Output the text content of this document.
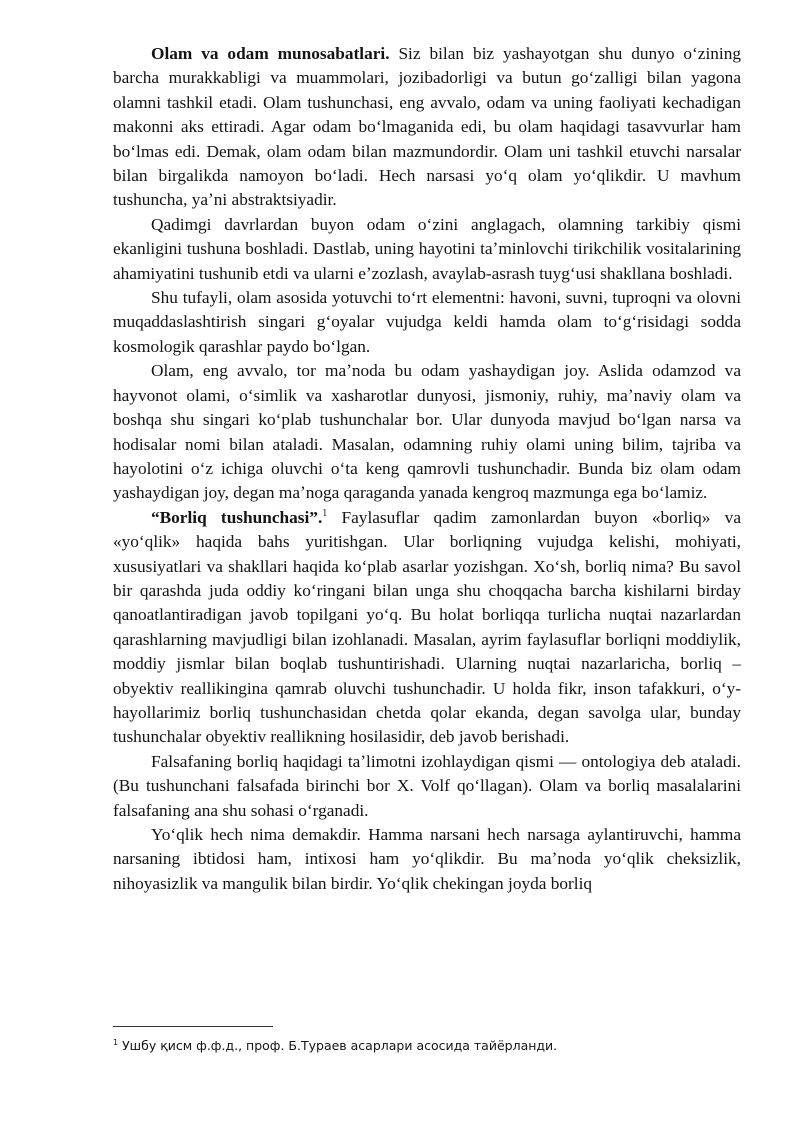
Olam va odam munosabatlari. Siz bilan biz yashayotgan shu dunyo oʻzining barcha murakkabligi va muammolari, jozibadorligi va butun goʻzalligi bilan yagona olamni tashkil etadi. Olam tushunchasi, eng avvalo, odam va uning faoliyati kechadigan makonni aks ettiradi. Agar odam boʻlmaganida edi, bu olam haqidagi tasavvurlar ham boʻlmas edi. Demak, olam odam bilan mazmundordir. Olam uni tashkil etuvchi narsalar bilan birgalikda namoyon boʻladi. Hech narsasi yoʻq olam yoʻqlikdir. U mavhum tushuncha, yaʼni abstraktsiyadir.

Qadimgi davrlardan buyon odam oʻzini anglagach, olamning tarkibiy qismi ekanligini tushuna boshladi. Dastlab, uning hayotini taʼminlovchi tirikchilik vositalarining ahamiyatini tushunib etdi va ularni eʼzozlash, avaylab-asrash tuygʻusi shakllana boshladi.

Shu tufayli, olam asosida yotuvchi toʻrt elementni: havoni, suvni, tuproqni va olovni muqaddaslashtirish singari gʻoyalar vujudga keldi hamda olam toʻgʻrisidagi sodda kosmologik qarashlar paydo boʻlgan.

Olam, eng avvalo, tor maʼnoda bu odam yashaydigan joy. Aslida odamzod va hayvonot olami, oʻsimlik va xasharotlar dunyosi, jismoniy, ruhiy, maʼnaviy olam va boshqa shu singari koʻplab tushunchalar bor. Ular dunyoda mavjud boʻlgan narsa va hodisalar nomi bilan ataladi. Masalan, odamning ruhiy olami uning bilim, tajriba va hayolotini oʻz ichiga oluvchi oʻta keng qamrovli tushunchadir. Bunda biz olam odam yashaydigan joy, degan maʼnoga qaraganda yanada kengroq mazmunga ega boʻlamiz.

“Borliq tushunchasi”.$^1$ Faylasuflar qadim zamonlardan buyon «borliq» va «yoʻqlik» haqida bahs yuritishgan. Ular borliqning vujudga kelishi, mohiyati, xususiyatlari va shakllari haqida koʻplab asarlar yozishgan. Xoʻsh, borliq nima? Bu savol bir qarashda juda oddiy koʻringani bilan unga shu choqqacha barcha kishilarni birday qanoatlantiradigan javob topilgani yoʻq. Bu holat borliqqa turlicha nuqtai nazarlardan qarashlarning mavjudligi bilan izohlanadi. Masalan, ayrim faylasuflar borliqni moddiylik, moddiy jismlar bilan boqlab tushuntirishadi. Ularning nuqtai nazarlaricha, borliq – obyektiv reallikingina qamrab oluvchi tushunchadir. U holda fikr, inson tafakkuri, oʻy-hayollarimiz borliq tushunchasidan chetda qolar ekanda, degan savolga ular, bunday tushunchalar obyektiv reallikning hosilasidir, deb javob berishadi.

Falsafaning borliq haqidagi taʼlimotni izohlaydigan qismi — ontologiya deb ataladi. (Bu tushunchani falsafada birinchi bor X. Volf qoʻllagan). Olam va borliq masalalarini falsafaning ana shu sohasi oʻrganadi.

Yoʻqlik hech nima demakdir. Hamma narsani hech narsaga aylantiruvchi, hamma narsaning ibtidosi ham, intixosi ham yoʻqlikdir. Bu maʼnoda yoʻqlik cheksizlik, nihoyasizlik va mangulik bilan birdir. Yoʻqlik chekingan joyda borliq

$^1$ Ушбу қисм ф.ф.д., проф. Б.Тураев асарлари асосида тайёрланди.
